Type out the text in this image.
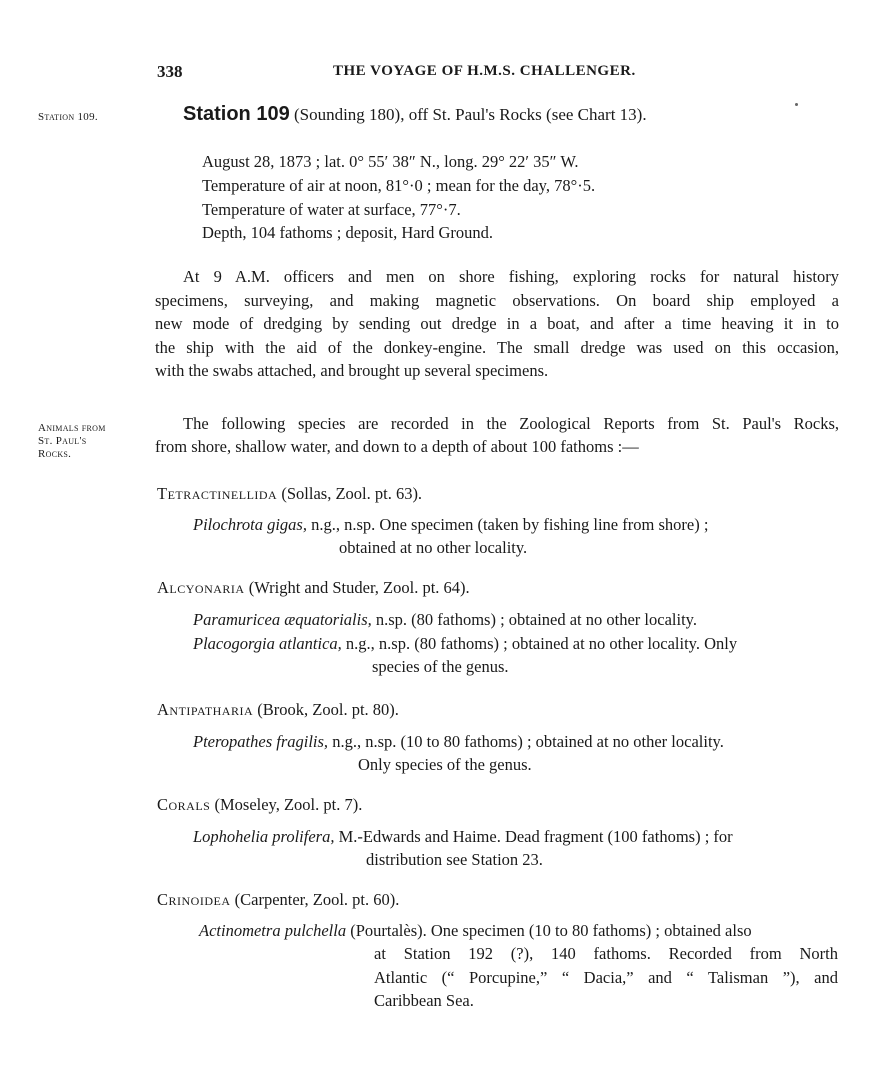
338	THE VOYAGE OF H.M.S. CHALLENGER.
Station 109.
Animals from
St. Paul's
Rocks.
Station 109 (Sounding 180), off St. Paul's Rocks (see Chart 13).
August 28, 1873 ; lat. 0° 55′ 38″ N., long. 29° 22′ 35″ W.
Temperature of air at noon, 81°·0 ; mean for the day, 78°·5.
Temperature of water at surface, 77°·7.
Depth, 104 fathoms ; deposit, Hard Ground.
At 9 A.M. officers and men on shore fishing, exploring rocks for natural history
specimens, surveying, and making magnetic observations. On board ship employed a
new mode of dredging by sending out dredge in a boat, and after a time heaving it in to
the ship with the aid of the donkey-engine. The small dredge was used on this occasion,
with the swabs attached, and brought up several specimens.
The following species are recorded in the Zoological Reports from St. Paul's Rocks,
from shore, shallow water, and down to a depth of about 100 fathoms :—
Tetractinellida (Sollas, Zool. pt. 63).
Pilochrota gigas, n.g., n.sp. One specimen (taken by fishing line from shore) ;
obtained at no other locality.
Alcyonaria (Wright and Studer, Zool. pt. 64).
Paramuricea æquatorialis, n.sp. (80 fathoms) ; obtained at no other locality.
Placogorgia atlantica, n.g., n.sp. (80 fathoms) ; obtained at no other locality. Only
species of the genus.
Antipatharia (Brook, Zool. pt. 80).
Pteropathes fragilis, n.g., n.sp. (10 to 80 fathoms) ; obtained at no other locality.
Only species of the genus.
Corals (Moseley, Zool. pt. 7).
Lophohelia prolifera, M.-Edwards and Haime. Dead fragment (100 fathoms) ; for
distribution see Station 23.
Crinoidea (Carpenter, Zool. pt. 60).
Actinometra pulchella (Pourtalès). One specimen (10 to 80 fathoms) ; obtained also
at Station 192 (?), 140 fathoms. Recorded from North
Atlantic (“ Porcupine,” “ Dacia,” and “ Talisman ”), and
Caribbean Sea.
